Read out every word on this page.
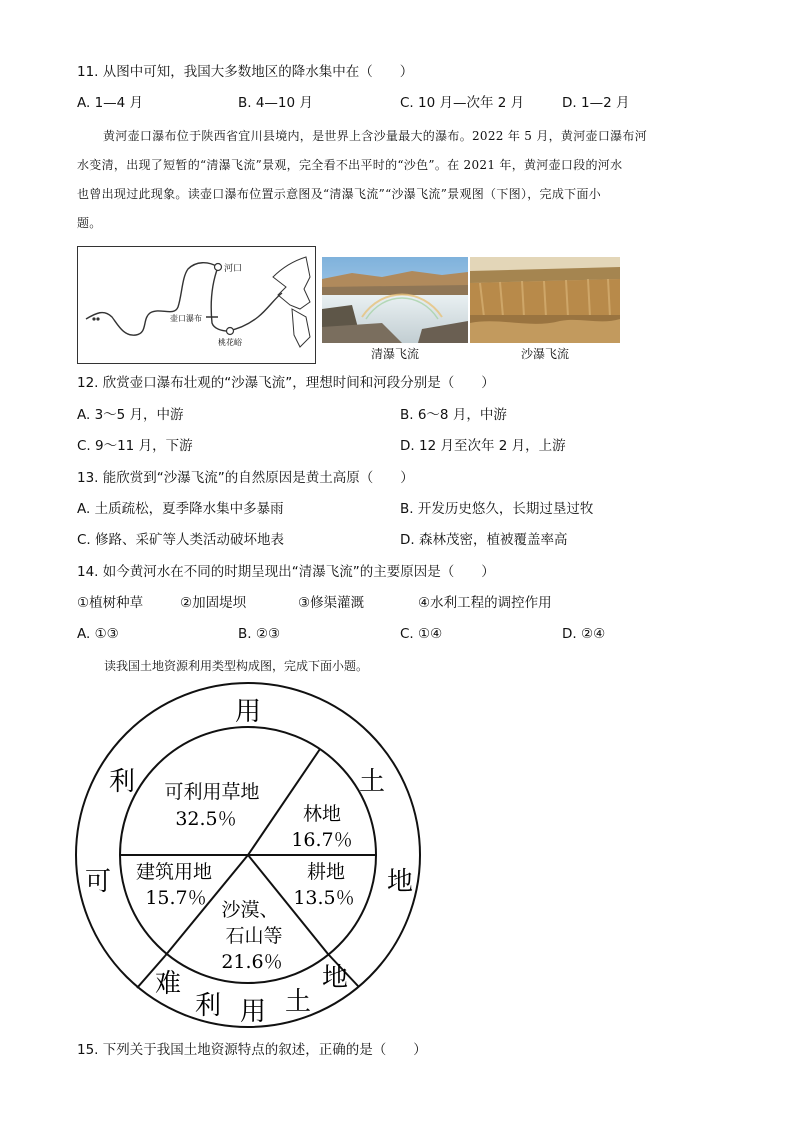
11. 从图中可知，我国大多数地区的降水集中在（　　）
A. 1—4 月	B. 4—10 月	C. 10 月—次年 2 月	D. 1—2 月

黄河壶口瀑布位于陕西省宜川县境内，是世界上含沙量最大的瀑布。2022 年 5 月，黄河壶口瀑布河

水变清，出现了短暂的“清瀑飞流”景观，完全看不出平时的“沙色”。在 2021 年，黄河壶口段的河水

也曾出现过此现象。读壶口瀑布位置示意图及“清瀑飞流”“沙瀑飞流”景观图（下图），完成下面小

题。

河口
壶口瀑布
桃花峪
清瀑飞流	沙瀑飞流
12. 欣赏壶口瀑布壮观的“沙瀑飞流”，理想时间和河段分别是（　　）
A. 3～5 月，中游	B. 6～8 月，中游
C. 9～11 月，下游	D. 12 月至次年 2 月，上游
13. 能欣赏到“沙瀑飞流”的自然原因是黄土高原（　　）
A. 土质疏松，夏季降水集中多暴雨	B. 开发历史悠久，长期过垦过牧
C. 修路、采矿等人类活动破坏地表	D. 森林茂密，植被覆盖率高
14. 如今黄河水在不同的时期呈现出“清瀑飞流”的主要原因是（　　）
①植树种草	②加固堤坝	③修渠灌溉	④水利工程的调控作用
A. ①③	B. ②③	C. ①④	D. ②④
读我国土地资源利用类型构成图，完成下面小题。
用
利	土
可	地
难
利 用 土
地
可利用草地
32.5％	林地
16.7％
耕地
13.5％
建筑用地
15.7％
沙漠、
石山等
21.6％
15. 下列关于我国土地资源特点的叙述，正确的是（　　）
